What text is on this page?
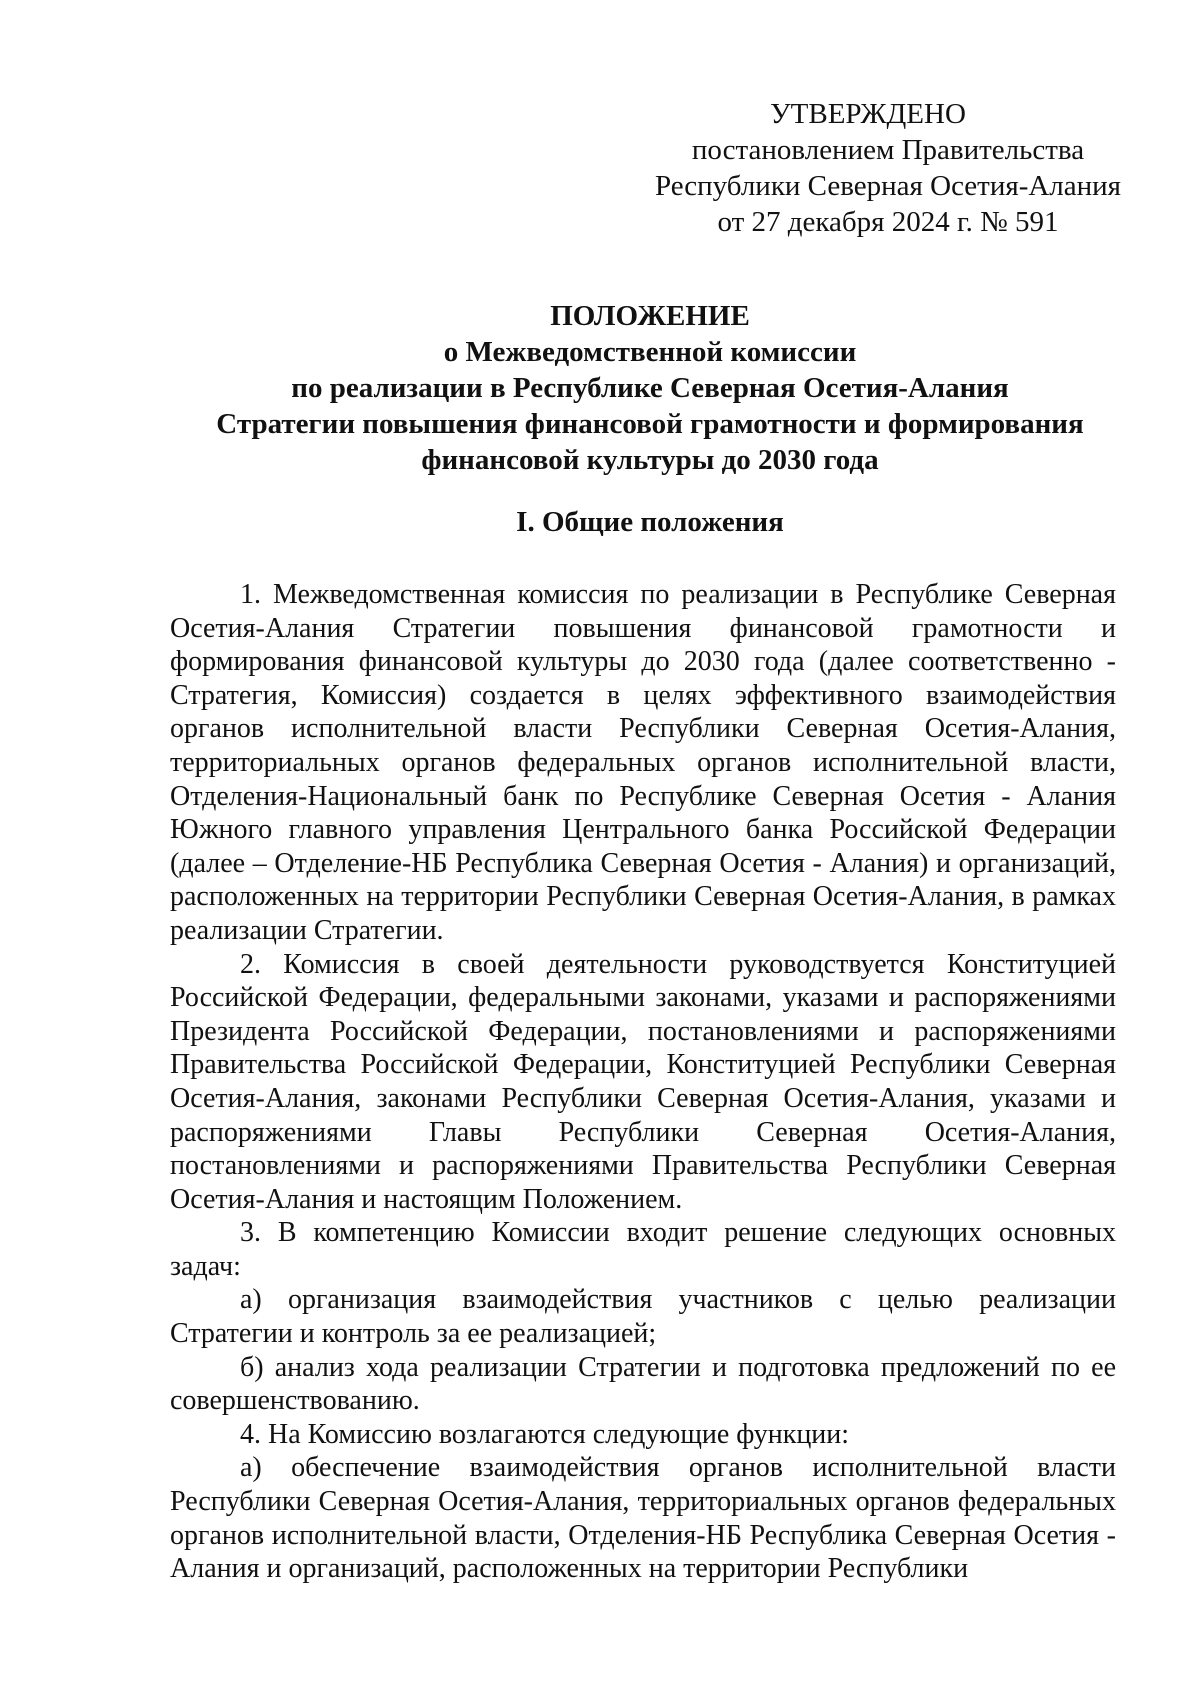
УТВЕРЖДЕНО
постановлением Правительства
Республики Северная Осетия-Алания
от 27 декабря 2024 г. № 591
ПОЛОЖЕНИЕ
о Межведомственной комиссии
по реализации в Республике Северная Осетия-Алания
Стратегии повышения финансовой грамотности и формирования
финансовой культуры до 2030 года
I. Общие положения

1. Межведомственная комиссия по реализации в Республике Северная Осетия-Алания Стратегии повышения финансовой грамотности и формирования финансовой культуры до 2030 года (далее соответственно - Стратегия, Комиссия) создается в целях эффективного взаимодействия органов исполнительной власти Республики Северная Осетия-Алания, территориальных органов федеральных органов исполнительной власти, Отделения-Национальный банк по Республике Северная Осетия - Алания Южного главного управления Центрального банка Российской Федерации (далее – Отделение-НБ Республика Северная Осетия - Алания) и организаций, расположенных на территории Республики Северная Осетия-Алания, в рамках реализации Стратегии.

2. Комиссия в своей деятельности руководствуется Конституцией Российской Федерации, федеральными законами, указами и распоряжениями Президента Российской Федерации, постановлениями и распоряжениями Правительства Российской Федерации, Конституцией Республики Северная Осетия-Алания, законами Республики Северная Осетия-Алания, указами и распоряжениями Главы Республики Северная Осетия-Алания, постановлениями и распоряжениями Правительства Республики Северная Осетия-Алания и настоящим Положением.

3. В компетенцию Комиссии входит решение следующих основных задач:

а) организация взаимодействия участников с целью реализации Стратегии и контроль за ее реализацией;

б) анализ хода реализации Стратегии и подготовка предложений по ее совершенствованию.

4. На Комиссию возлагаются следующие функции:

а) обеспечение взаимодействия органов исполнительной власти Республики Северная Осетия-Алания, территориальных органов федеральных органов исполнительной власти, Отделения-НБ Республика Северная Осетия - Алания и организаций, расположенных на территории Республики
